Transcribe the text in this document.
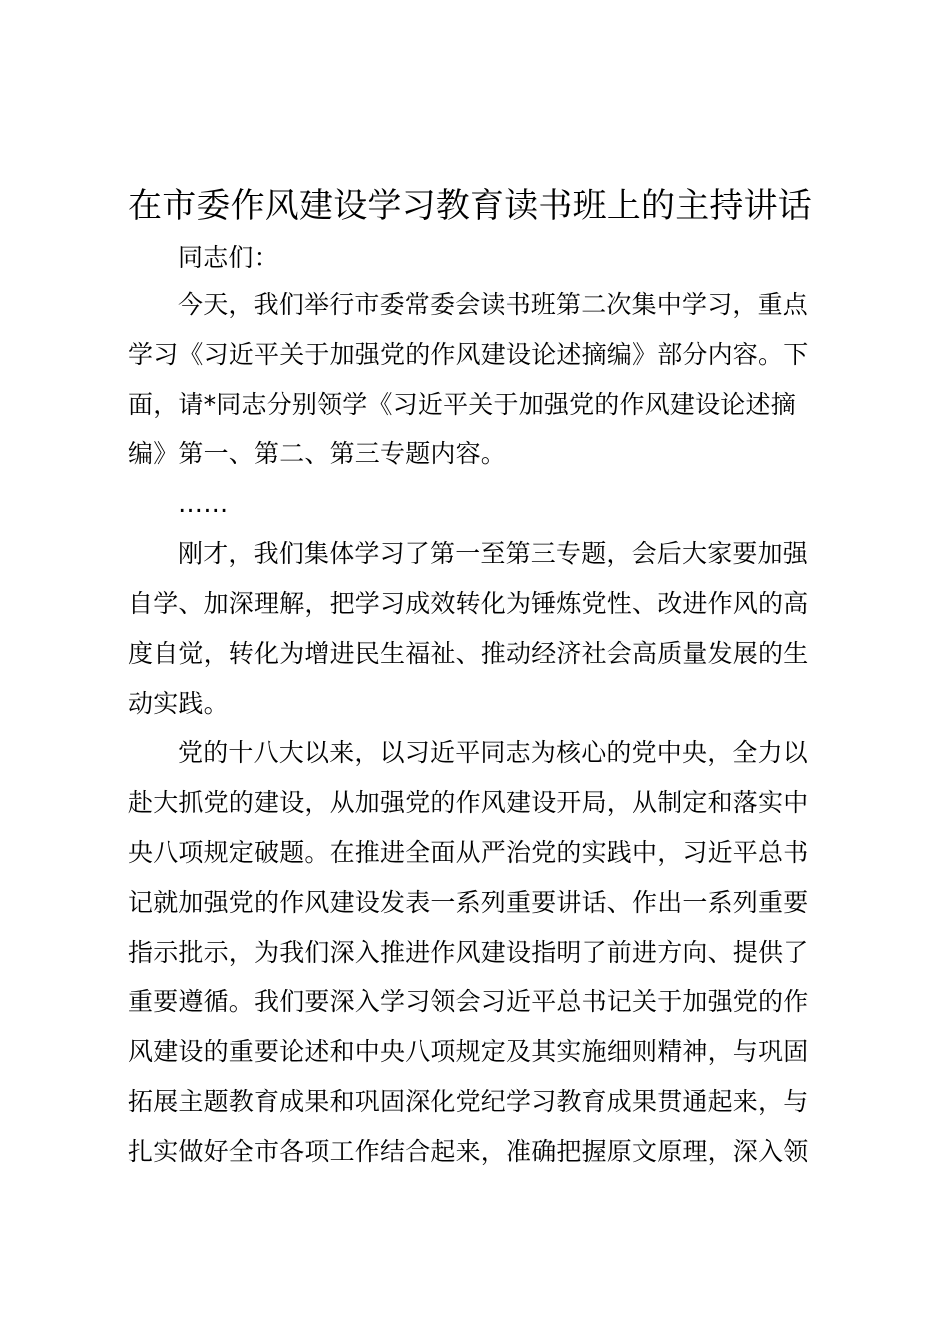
在市委作风建设学习教育读书班上的主持讲话

同志们：

今天，我们举行市委常委会读书班第二次集中学习，重点

学习《习近平关于加强党的作风建设论述摘编》部分内容。下

面，请*同志分别领学《习近平关于加强党的作风建设论述摘

编》第一、第二、第三专题内容。

……

刚才，我们集体学习了第一至第三专题，会后大家要加强

自学、加深理解，把学习成效转化为锤炼党性、改进作风的高

度自觉，转化为增进民生福祉、推动经济社会高质量发展的生

动实践。

党的十八大以来，以习近平同志为核心的党中央，全力以

赴大抓党的建设，从加强党的作风建设开局，从制定和落实中

央八项规定破题。在推进全面从严治党的实践中，习近平总书

记就加强党的作风建设发表一系列重要讲话、作出一系列重要

指示批示，为我们深入推进作风建设指明了前进方向、提供了

重要遵循。我们要深入学习领会习近平总书记关于加强党的作

风建设的重要论述和中央八项规定及其实施细则精神，与巩固

拓展主题教育成果和巩固深化党纪学习教育成果贯通起来，与

扎实做好全市各项工作结合起来，准确把握原文原理，深入领
